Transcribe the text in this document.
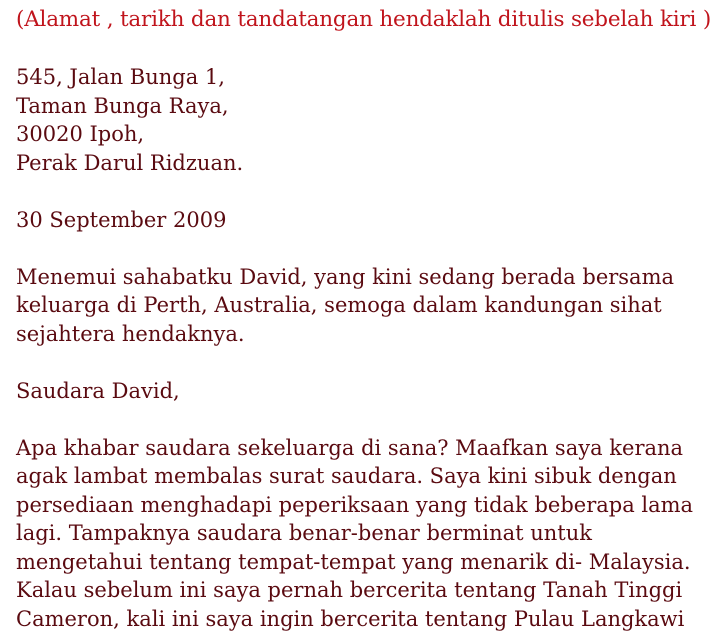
(Alamat , tarikh dan tandatangan hendaklah ditulis sebelah kiri )
545, Jalan Bunga 1,
Taman Bunga Raya,
30020 Ipoh,
Perak Darul Ridzuan.
30 September 2009
Menemui sahabatku David, yang kini sedang berada bersama
keluarga di Perth, Australia, semoga dalam kandungan sihat
sejahtera hendaknya.
Saudara David,
Apa khabar saudara sekeluarga di sana? Maafkan saya kerana
agak lambat membalas surat saudara. Saya kini sibuk dengan
persediaan menghadapi peperiksaan yang tidak beberapa lama
lagi. Tampaknya saudara benar-benar berminat untuk
mengetahui tentang tempat-tempat yang menarik di- Malaysia.
Kalau sebelum ini saya pernah bercerita tentang Tanah Tinggi
Cameron, kali ini saya ingin bercerita tentang Pulau Langkawi
